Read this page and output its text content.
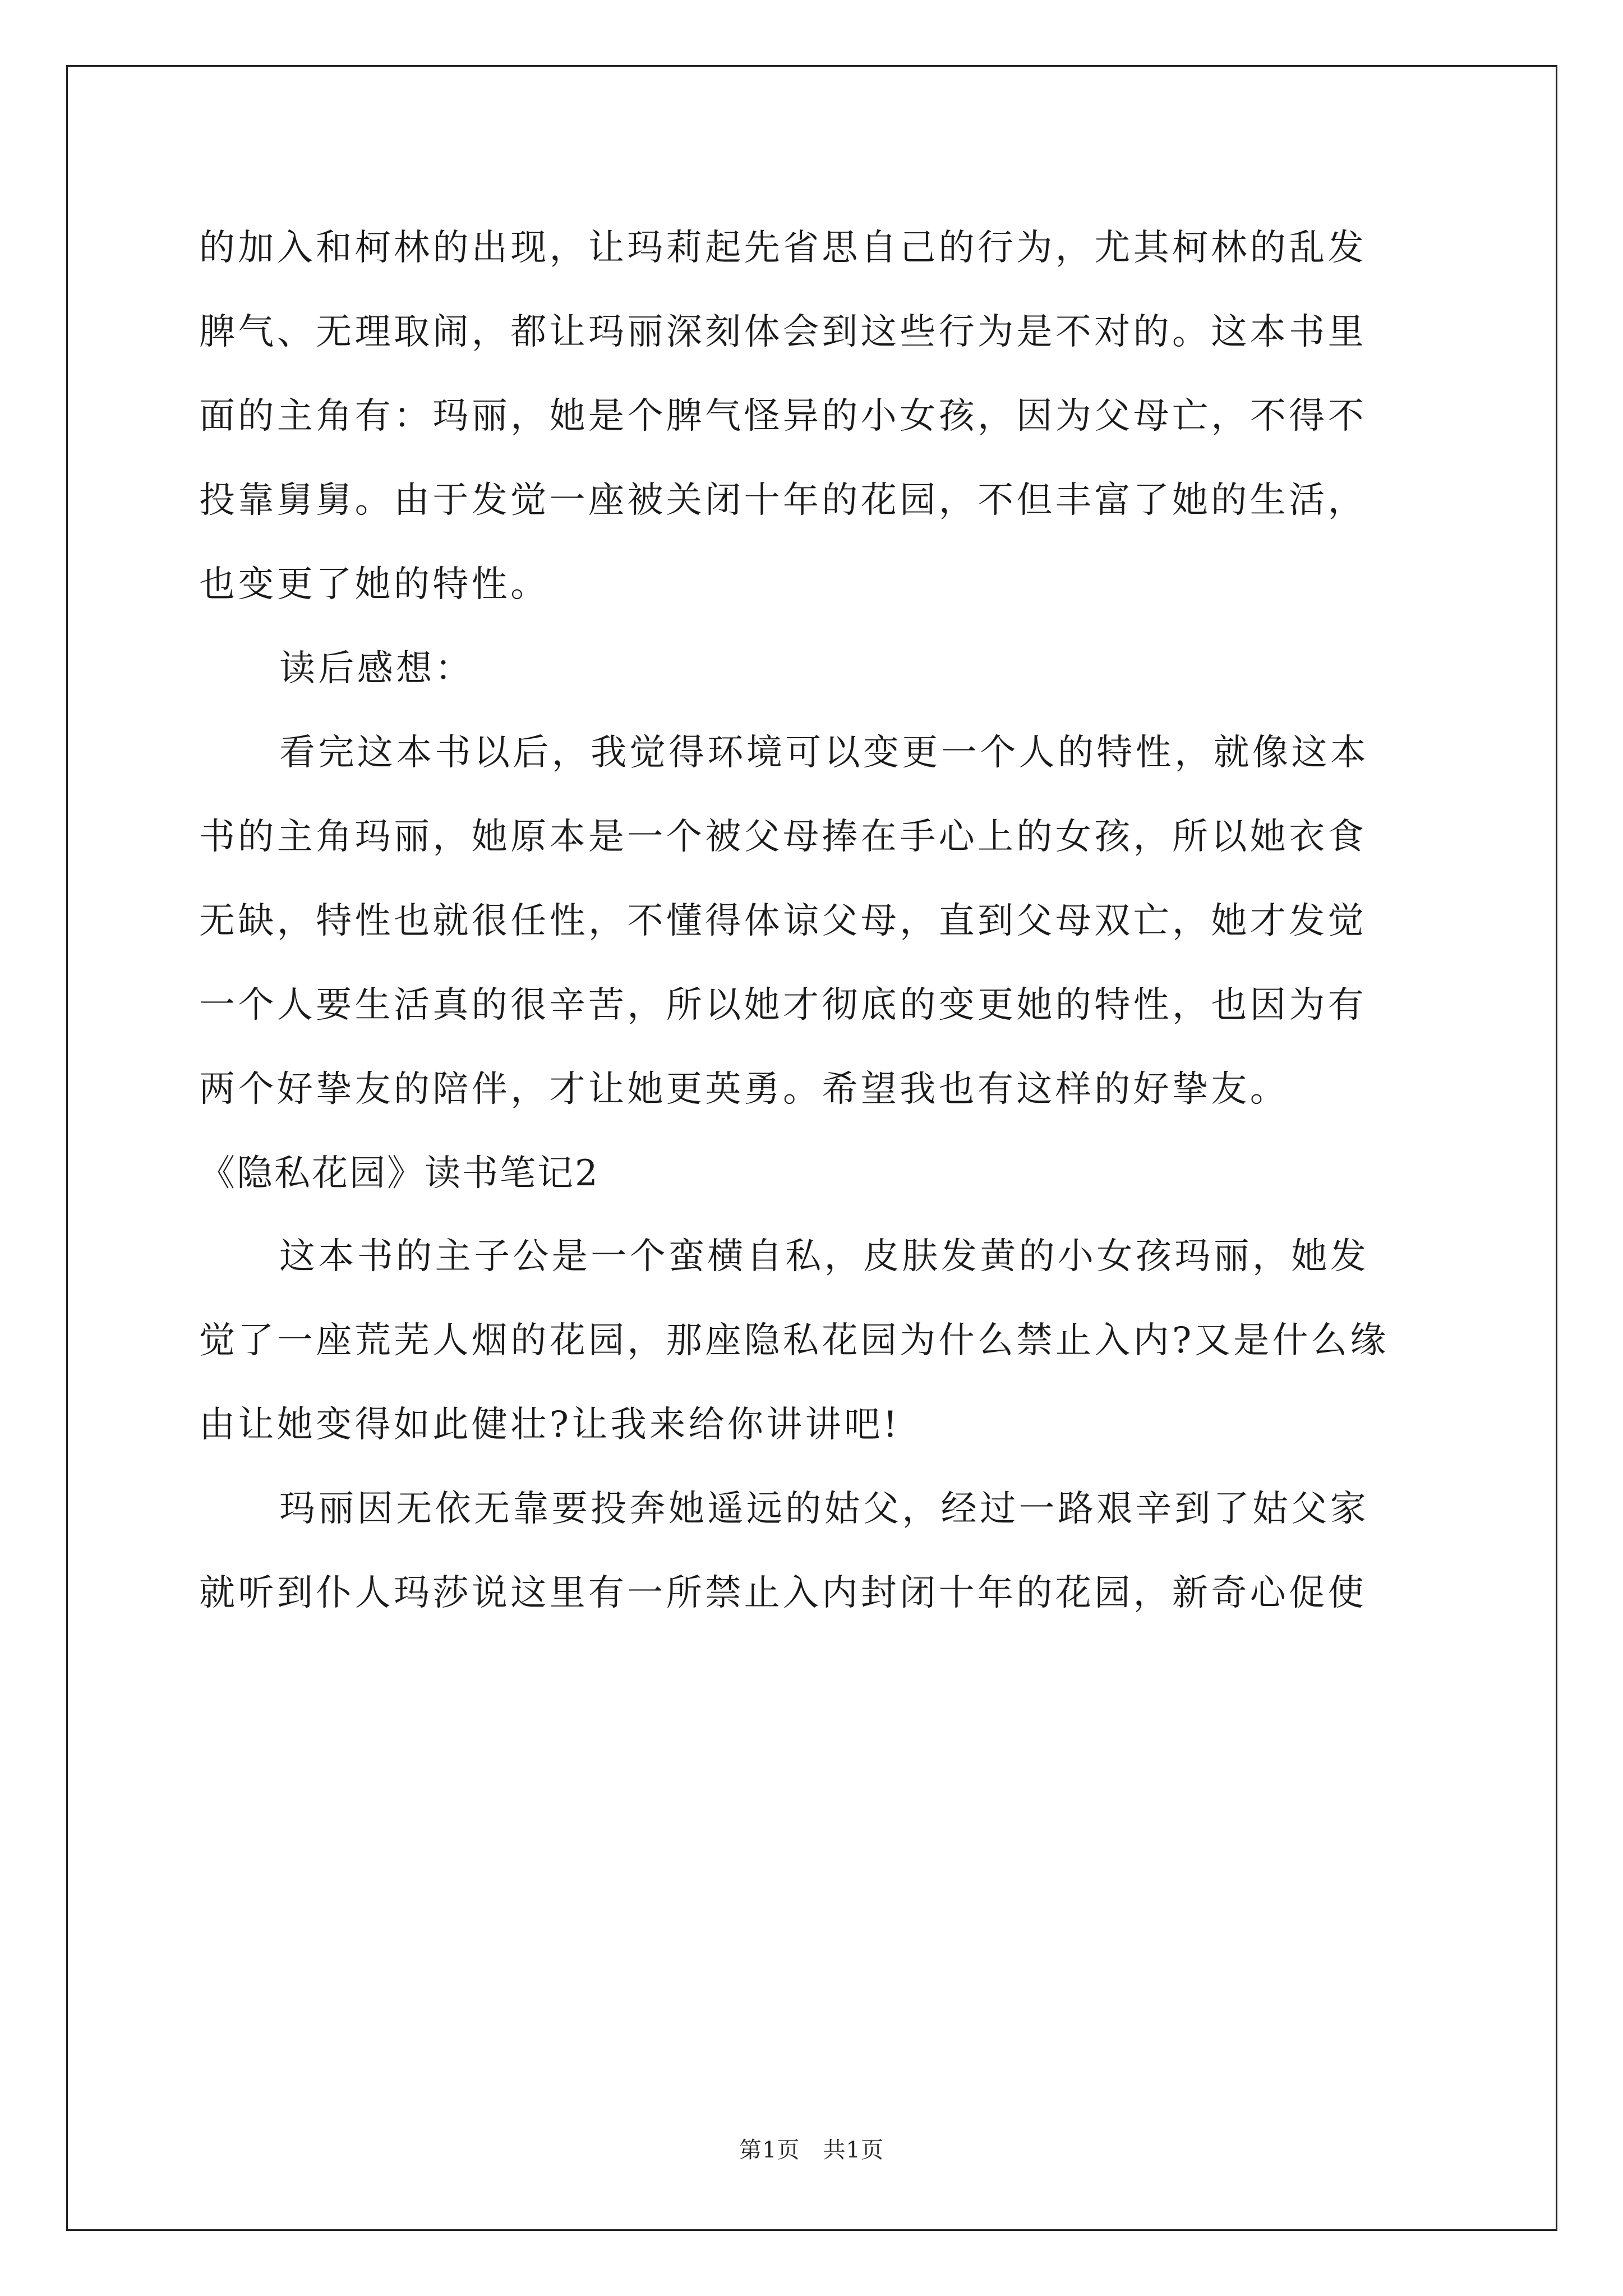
的加入和柯林的出现，让玛莉起先省思自己的行为，尤其柯林的乱发
脾气、无理取闹，都让玛丽深刻体会到这些行为是不对的。这本书里
面的主角有：玛丽，她是个脾气怪异的小女孩，因为父母亡，不得不
投靠舅舅。由于发觉一座被关闭十年的花园，不但丰富了她的生活，
也变更了她的特性。
读后感想：
看完这本书以后，我觉得环境可以变更一个人的特性，就像这本
书的主角玛丽，她原本是一个被父母捧在手心上的女孩，所以她衣食
无缺，特性也就很任性，不懂得体谅父母，直到父母双亡，她才发觉
一个人要生活真的很辛苦，所以她才彻底的变更她的特性，也因为有
两个好挚友的陪伴，才让她更英勇。希望我也有这样的好挚友。
《隐私花园》读书笔记2
这本书的主子公是一个蛮横自私，皮肤发黄的小女孩玛丽，她发
觉了一座荒芜人烟的花园，那座隐私花园为什么禁止入内?又是什么缘
由让她变得如此健壮?让我来给你讲讲吧!
玛丽因无依无靠要投奔她遥远的姑父，经过一路艰辛到了姑父家
就听到仆人玛莎说这里有一所禁止入内封闭十年的花园，新奇心促使
第1页　共1页
